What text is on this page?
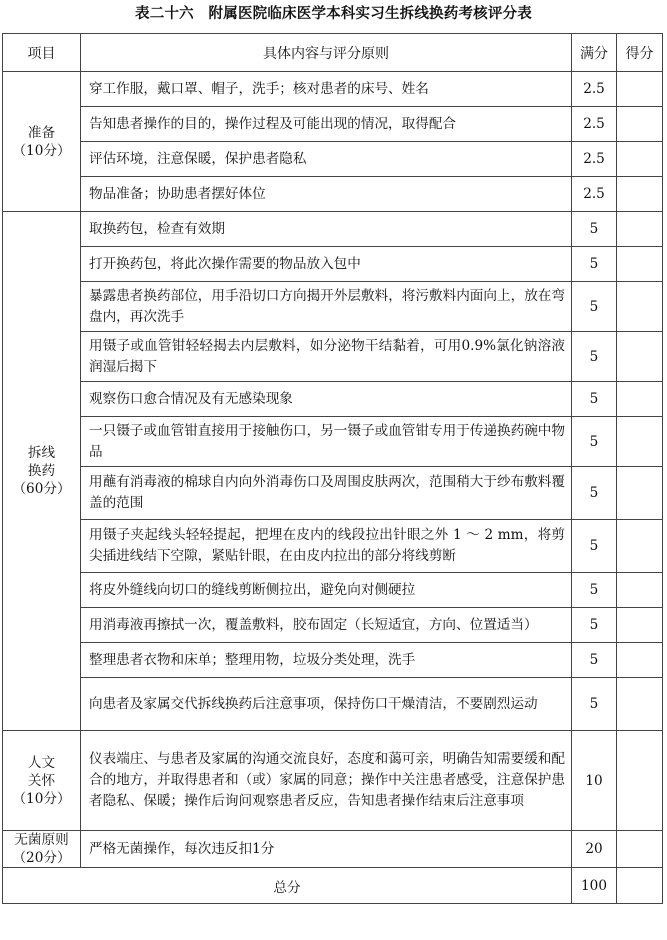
表二十六　附属医院临床医学本科实习生拆线换药考核评分表
项目	具体内容与评分原则	满分	得分

准备
（10分）	穿工作服，戴口罩、帽子，洗手；核对患者的床号、姓名	2.5	
	告知患者操作的目的，操作过程及可能出现的情况，取得配合	2.5	
	评估环境，注意保暖，保护患者隐私	2.5	
	物品准备；协助患者摆好体位	2.5	

拆线
换药
（60分）	取换药包，检查有效期	5	
	打开换药包，将此次操作需要的物品放入包中	5	
	暴露患者换药部位，用手沿切口方向揭开外层敷料，将污敷料内面向上，放在弯盘内，再次洗手	5	
	用镊子或血管钳轻轻揭去内层敷料，如分泌物干结黏着，可用0.9%氯化钠溶液润湿后揭下	5	
	观察伤口愈合情况及有无感染现象	5	
	一只镊子或血管钳直接用于接触伤口，另一镊子或血管钳专用于传递换药碗中物品	5	
	用蘸有消毒液的棉球自内向外消毒伤口及周围皮肤两次，范围稍大于纱布敷料覆盖的范围	5	
	用镊子夹起线头轻轻提起，把埋在皮内的线段拉出针眼之外 1 ～ 2 mm，将剪尖插进线结下空隙，紧贴针眼，在由皮内拉出的部分将线剪断	5	
	将皮外缝线向切口的缝线剪断侧拉出，避免向对侧硬拉	5	
	用消毒液再擦拭一次，覆盖敷料，胶布固定（长短适宜，方向、位置适当）	5	
	整理患者衣物和床单；整理用物，垃圾分类处理，洗手	5	
	向患者及家属交代拆线换药后注意事项，保持伤口干燥清洁，不要剧烈运动	5	

人文
关怀
（10分）	仪表端庄、与患者及家属的沟通交流良好，态度和蔼可亲，明确告知需要缓和配合的地方，并取得患者和（或）家属的同意；操作中关注患者感受，注意保护患者隐私、保暖；操作后询问观察患者反应，告知患者操作结束后注意事项	10	

无菌原则
（20分）	严格无菌操作，每次违反扣1分	20	
总分		100	
